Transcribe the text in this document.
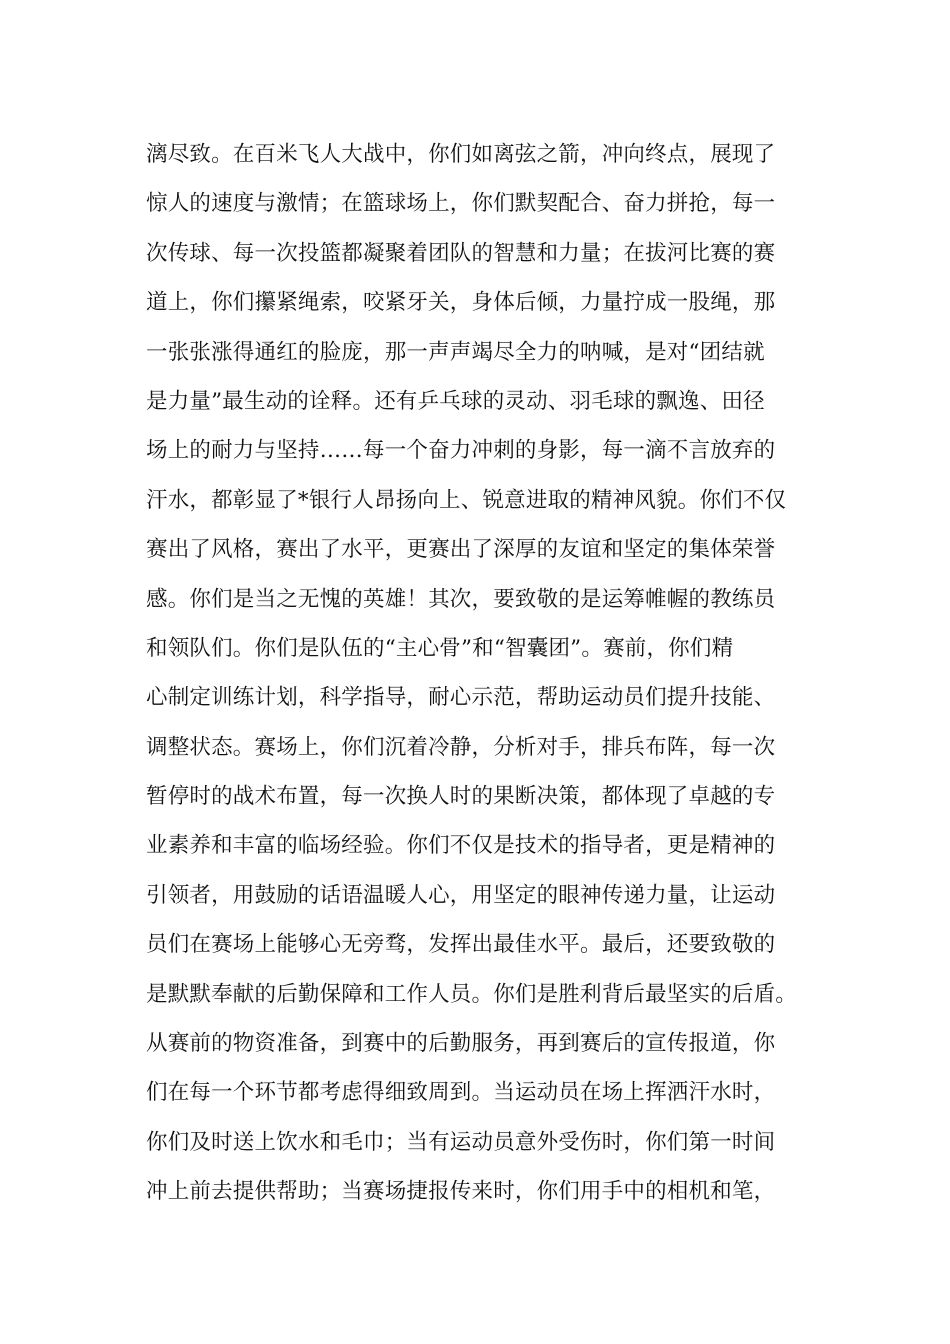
漓尽致。在百米飞人大战中，你们如离弦之箭，冲向终点，展现了
惊人的速度与激情；在篮球场上，你们默契配合、奋力拼抢，每一
次传球、每一次投篮都凝聚着团队的智慧和力量；在拔河比赛的赛
道上，你们攥紧绳索，咬紧牙关，身体后倾，力量拧成一股绳，那
一张张涨得通红的脸庞，那一声声竭尽全力的呐喊，是对“团结就
是力量”最生动的诠释。还有乒乓球的灵动、羽毛球的飘逸、田径
场上的耐力与坚持……每一个奋力冲刺的身影，每一滴不言放弃的
汗水，都彰显了*银行人昂扬向上、锐意进取的精神风貌。你们不仅
赛出了风格，赛出了水平，更赛出了深厚的友谊和坚定的集体荣誉
感。你们是当之无愧的英雄！其次，要致敬的是运筹帷幄的教练员
和领队们。你们是队伍的“主心骨”和“智囊团”。赛前，你们精
心制定训练计划，科学指导，耐心示范，帮助运动员们提升技能、
调整状态。赛场上，你们沉着冷静，分析对手，排兵布阵，每一次
暂停时的战术布置，每一次换人时的果断决策，都体现了卓越的专
业素养和丰富的临场经验。你们不仅是技术的指导者，更是精神的
引领者，用鼓励的话语温暖人心，用坚定的眼神传递力量，让运动
员们在赛场上能够心无旁骛，发挥出最佳水平。最后，还要致敬的
是默默奉献的后勤保障和工作人员。你们是胜利背后最坚实的后盾。
从赛前的物资准备，到赛中的后勤服务，再到赛后的宣传报道，你
们在每一个环节都考虑得细致周到。当运动员在场上挥洒汗水时，
你们及时送上饮水和毛巾；当有运动员意外受伤时，你们第一时间
冲上前去提供帮助；当赛场捷报传来时，你们用手中的相机和笔，
